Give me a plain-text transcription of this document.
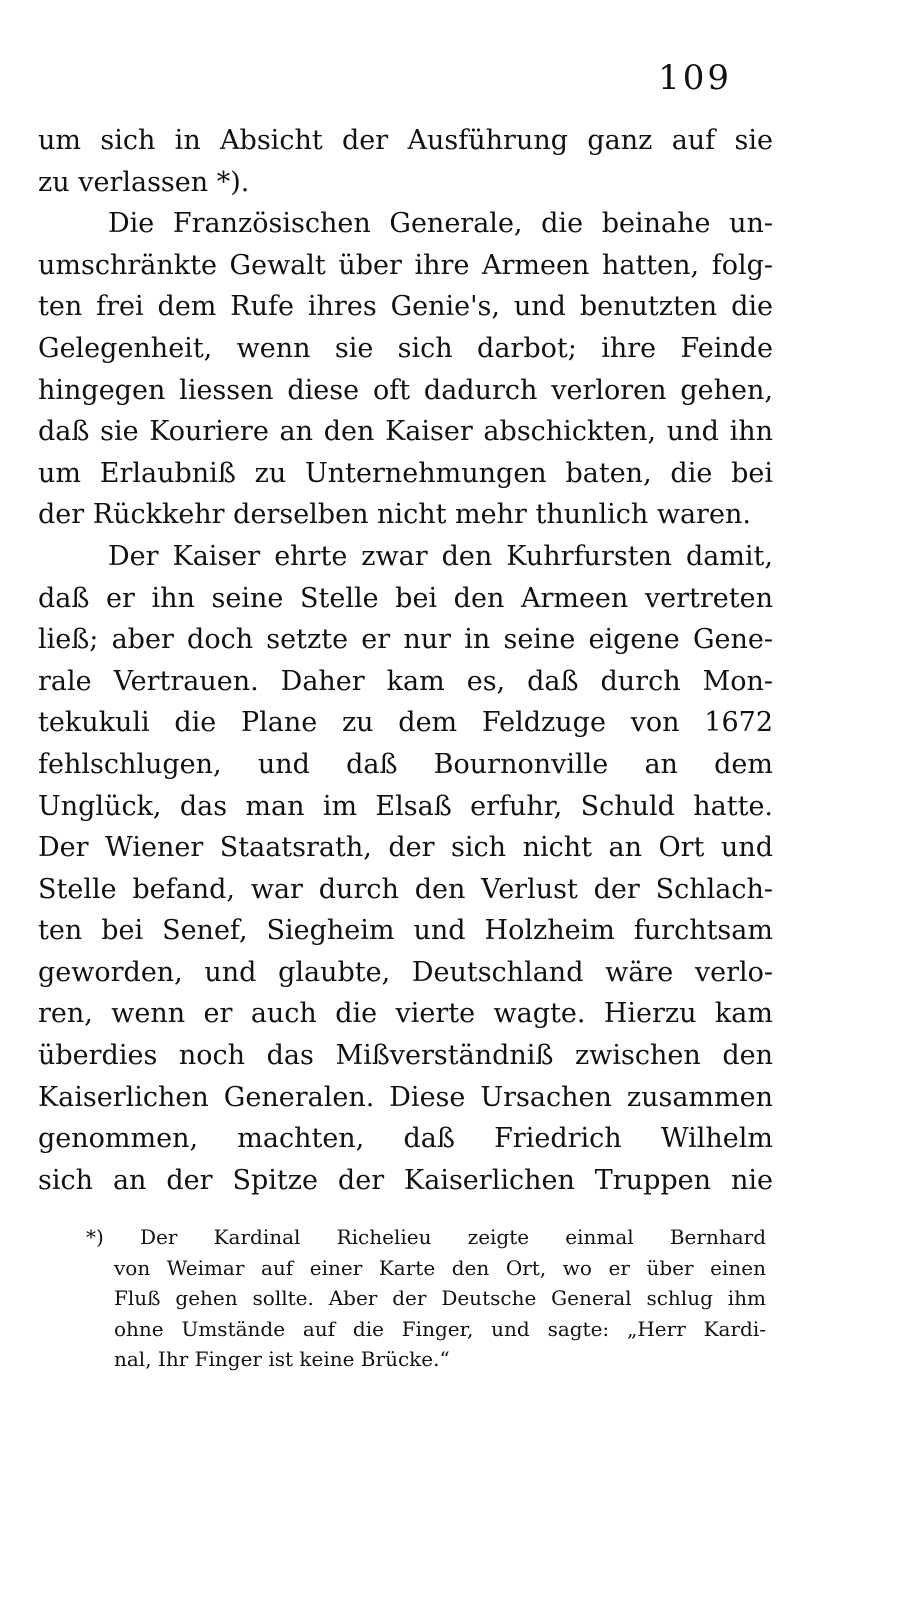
109
um sich in Absicht der Ausführung ganz auf sie
zu verlassen *).
Die Französischen Generale, die beinahe un-
umschränkte Gewalt über ihre Armeen hatten, folg-
ten frei dem Rufe ihres Genie's, und benutzten die
Gelegenheit, wenn sie sich darbot; ihre Feinde
hingegen liessen diese oft dadurch verloren gehen,
daß sie Kouriere an den Kaiser abschickten, und ihn
um Erlaubniß zu Unternehmungen baten, die bei
der Rückkehr derselben nicht mehr thunlich waren.
Der Kaiser ehrte zwar den Kuhrfursten damit,
daß er ihn seine Stelle bei den Armeen vertreten
ließ; aber doch setzte er nur in seine eigene Gene-
rale Vertrauen. Daher kam es, daß durch Mon-
tekukuli die Plane zu dem Feldzuge von 1672
fehlschlugen, und daß Bournonville an dem
Unglück, das man im Elsaß erfuhr, Schuld hatte.
Der Wiener Staatsrath, der sich nicht an Ort und
Stelle befand, war durch den Verlust der Schlach-
ten bei Senef, Siegheim und Holzheim furchtsam
geworden, und glaubte, Deutschland wäre verlo-
ren, wenn er auch die vierte wagte. Hierzu kam
überdies noch das Mißverständniß zwischen den
Kaiserlichen Generalen. Diese Ursachen zusammen
genommen, machten, daß Friedrich Wilhelm
sich an der Spitze der Kaiserlichen Truppen nie
*) Der Kardinal Richelieu zeigte einmal Bernhard
von Weimar auf einer Karte den Ort, wo er über einen
Fluß gehen sollte. Aber der Deutsche General schlug ihm
ohne Umstände auf die Finger, und sagte: „Herr Kardi-
nal, Ihr Finger ist keine Brücke.“
